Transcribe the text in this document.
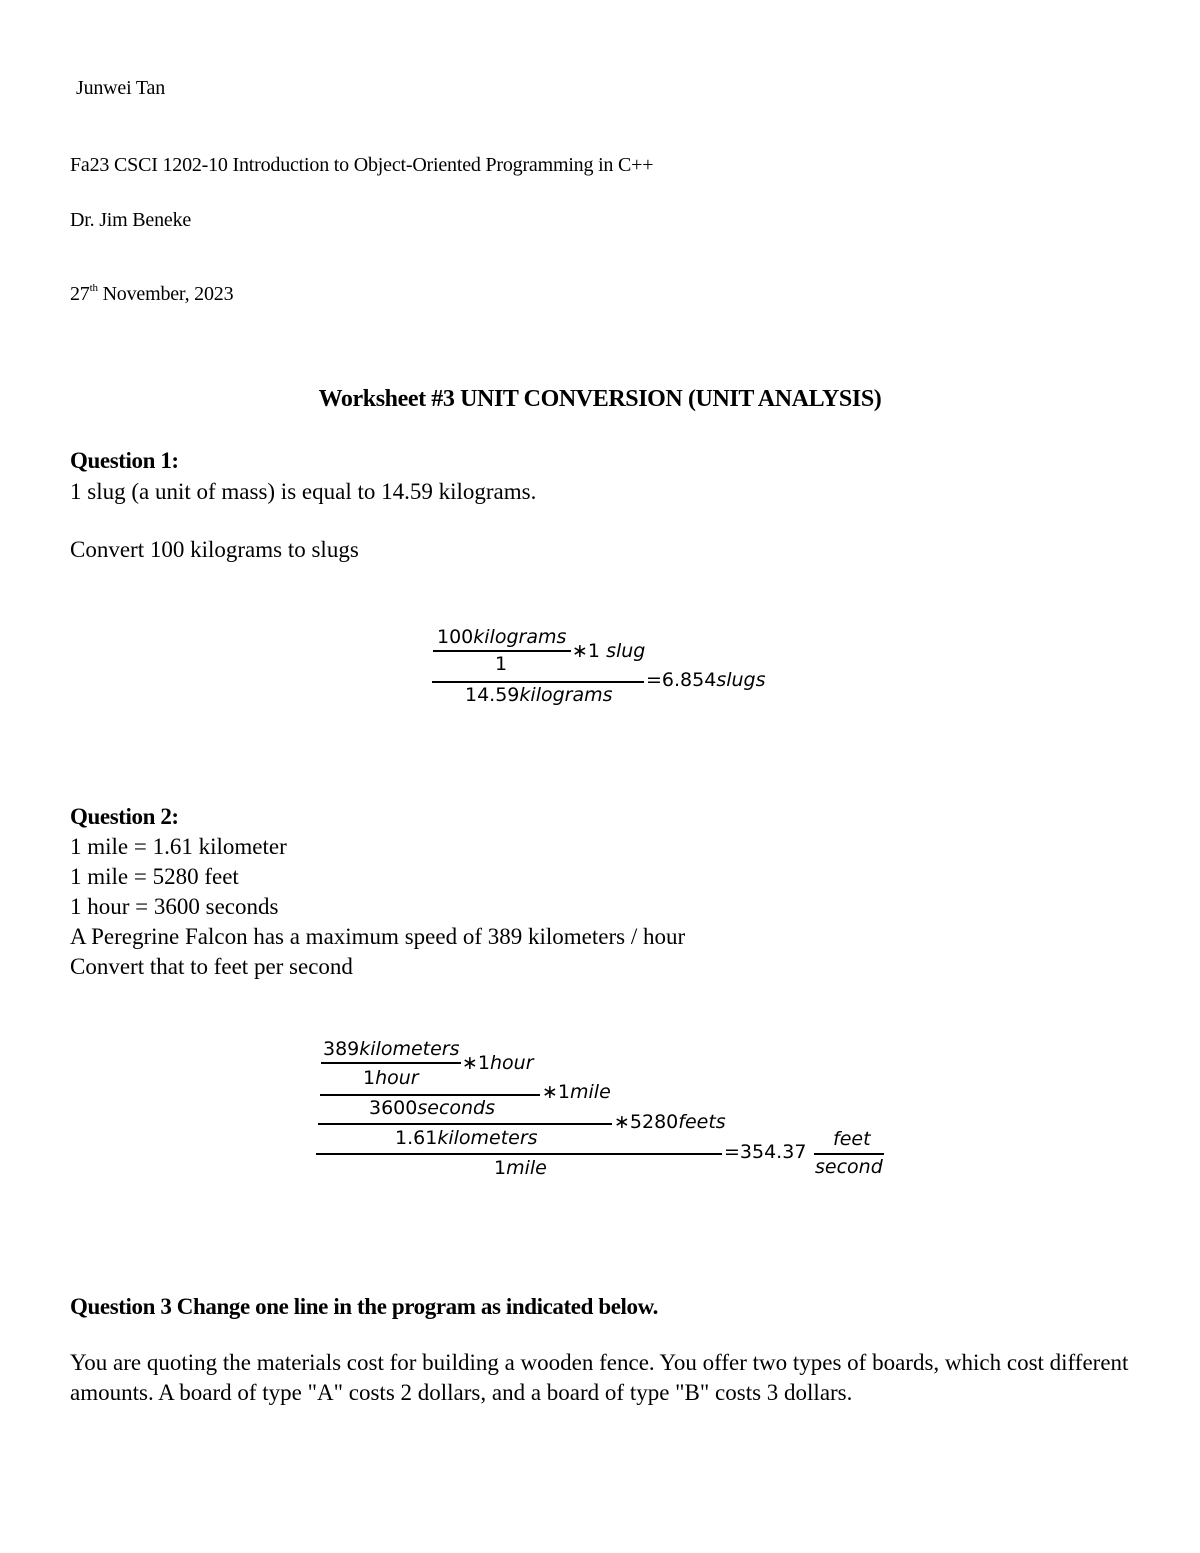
Junwei Tan
Fa23 CSCI 1202-10 Introduction to Object-Oriented Programming in C++
Dr. Jim Beneke
27th November, 2023
Worksheet #3 UNIT CONVERSION (UNIT ANALYSIS)
Question 1:
1 slug (a unit of mass) is equal to 14.59 kilograms.
Convert 100 kilograms to slugs
100kilograms
∗1 slug
1
=6.854slugs
14.59kilograms
Question 2:
1 mile = 1.61 kilometer
1 mile = 5280 feet
1 hour = 3600 seconds
A Peregrine Falcon has a maximum speed of 389 kilometers / hour
Convert that to feet per second
389kilometers
∗1hour
1hour
∗1mile
3600seconds
∗5280feets
1.61kilometers
=354.37
feet
second
1mile
Question 3 Change one line in the program as indicated below.
You are quoting the materials cost for building a wooden fence. You offer two types of boards, which cost different amounts. A board of type "A" costs 2 dollars, and a board of type "B" costs 3 dollars.
